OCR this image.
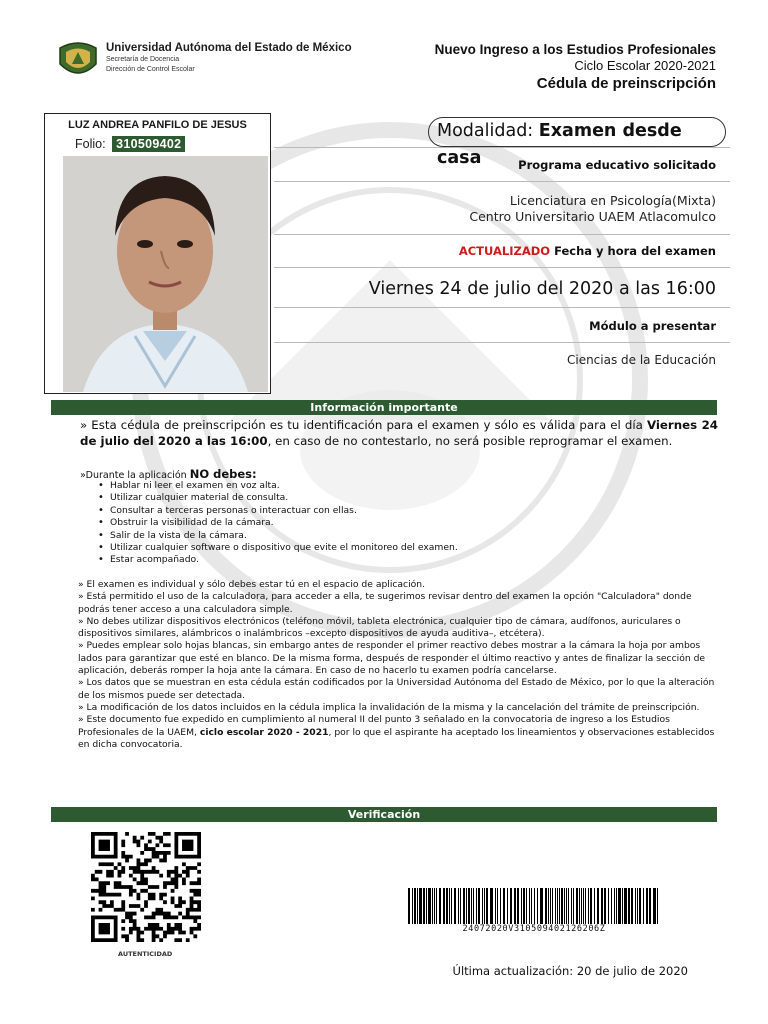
Universidad Autónoma del Estado de México
Secretaría de Docencia
Dirección de Control Escolar
Nuevo Ingreso a los Estudios Profesionales
Ciclo Escolar 2020-2021
Cédula de preinscripción
LUZ ANDREA PANFILO DE JESUS
Folio: 310509402
Modalidad: Examen desde casa	Programa educativo solicitado
Licenciatura en Psicología(Mixta)
Centro Universitario UAEM Atlacomulco
ACTUALIZADO Fecha y hora del examen
Viernes 24 de julio del 2020 a las 16:00
Módulo a presentar
Ciencias de la Educación
Información importante
» Esta cédula de preinscripción es tu identificación para el examen y sólo es válida para el día Viernes 24 de julio del 2020 a las 16:00, en caso de no contestarlo, no será posible reprogramar el examen.
»Durante la aplicación NO debes:
• Hablar ni leer el examen en voz alta.
• Utilizar cualquier material de consulta.
• Consultar a terceras personas o interactuar con ellas.
• Obstruir la visibilidad de la cámara.
• Salir de la vista de la cámara.
• Utilizar cualquier software o dispositivo que evite el monitoreo del examen.
• Estar acompañado.

» El examen es individual y sólo debes estar tú en el espacio de aplicación.

» Está permitido el uso de la calculadora, para acceder a ella, te sugerimos revisar dentro del examen la opción "Calculadora" donde podrás tener acceso a una calculadora simple.

» No debes utilizar dispositivos electrónicos (teléfono móvil, tableta electrónica, cualquier tipo de cámara, audífonos, auriculares o dispositivos similares, alámbricos o inalámbricos –excepto dispositivos de ayuda auditiva–, etcétera).

» Puedes emplear solo hojas blancas, sin embargo antes de responder el primer reactivo debes mostrar a la cámara la hoja por ambos lados para garantizar que esté en blanco. De la misma forma, después de responder el último reactivo y antes de finalizar la sección de aplicación, deberás romper la hoja ante la cámara. En caso de no hacerlo tu examen podría cancelarse.

» Los datos que se muestran en esta cédula están codificados por la Universidad Autónoma del Estado de México, por lo que la alteración de los mismos puede ser detectada.

» La modificación de los datos incluidos en la cédula implica la invalidación de la misma y la cancelación del trámite de preinscripción.

» Este documento fue expedido en cumplimiento al numeral II del punto 3 señalado en la convocatoria de ingreso a los Estudios Profesionales de la UAEM, ciclo escolar 2020 - 2021, por lo que el aspirante ha aceptado los lineamientos y observaciones establecidos en dicha convocatoria.

Verificación
AUTENTICIDAD
24072020V310509402126206Z
Última actualización: 20 de julio de 2020
